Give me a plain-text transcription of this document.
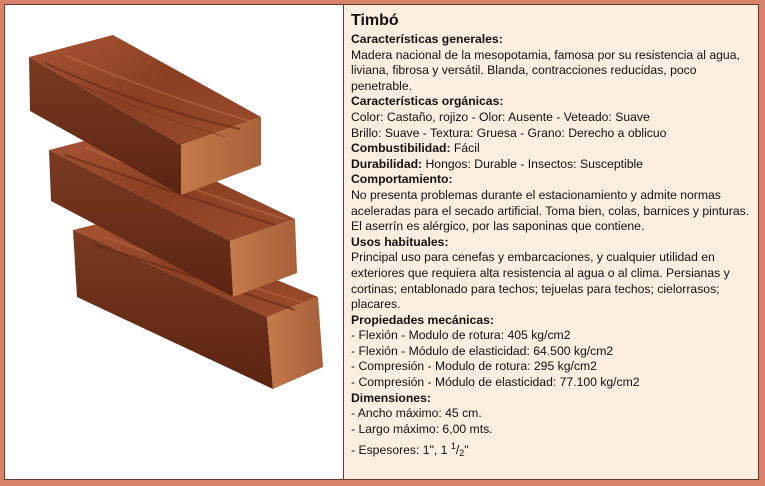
Timbó
Características generales:

Madera nacional de la mesopotamia, famosa por su resistencia al agua, liviana, fibrosa y versátil. Blanda, contracciones reducidas, poco penetrable.

Características orgánicas:
Color: Castaño, rojizo - Olor: Ausente - Veteado: Suave
Brillo: Suave - Textura: Gruesa - Grano: Derecho a oblicuo
Combustibilidad: Fácil
Durabilidad: Hongos: Durable - Insectos: Susceptible
Comportamiento:

No presenta problemas durante el estacionamiento y admite normas aceleradas para el secado artificial. Toma bien, colas, barnices y pinturas. El aserrín es alérgico, por las saponinas que contiene.

Usos habituales:

Principal uso para cenefas y embarcaciones, y cualquier utilidad en exteriores que requiera alta resistencia al agua o al clima. Persianas y cortinas; entablonado para techos; tejuelas para techos; cielorrasos; placares.

Propiedades mecánicas:
- Flexión - Modulo de rotura: 405 kg/cm2
- Flexión - Módulo de elasticidad: 64.500 kg/cm2
- Compresión - Modulo de rotura: 295 kg/cm2
- Compresión - Módulo de elasticidad: 77.100 kg/cm2
Dimensiones:
- Ancho máximo: 45 cm.
- Largo máximo: 6,00 mts.
- Espesores: 1", 1 $^1/_2$"
